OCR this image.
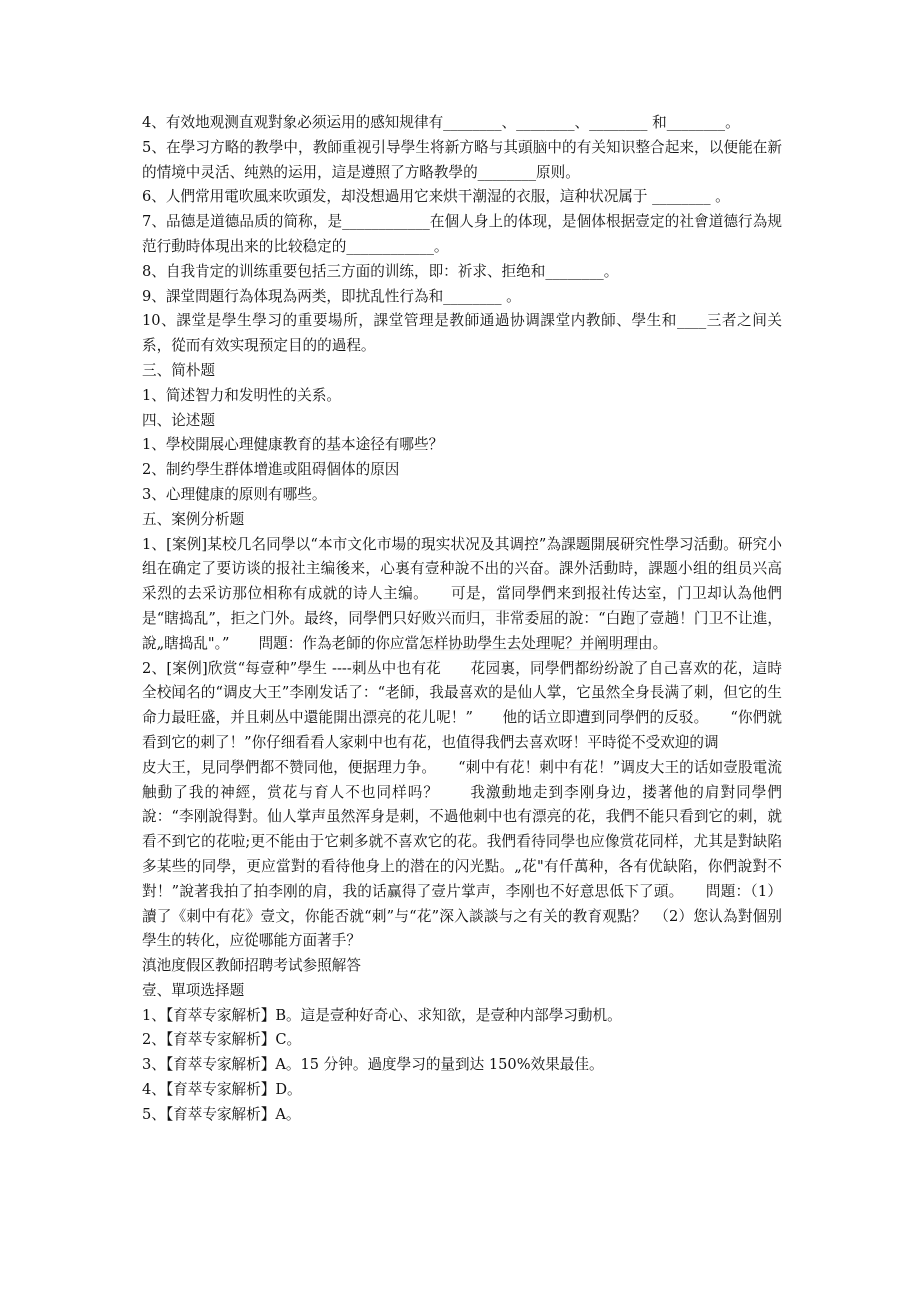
4、有效地观测直观對象必须运用的感知规律有________、________、________ 和________。

5、在學习方略的教學中，教師重视引导學生将新方略与其頭脑中的有关知识整合起来，以便能在新的情境中灵活、纯熟的运用，這是遵照了方略教學的________原则。

6、人們常用電吹風来吹頭发，却没想過用它来烘干潮湿的衣服，這种状况属于 ________ 。

7、品德是道德品质的简称，是____________在個人身上的体现，是個体根据壹定的社會道德行為规范行動時体現出来的比较稳定的____________。

8、自我肯定的训练重要包括三方面的训练，即：祈求、拒绝和________。

9、課堂問題行為体現為两类，即扰乱性行為和________ 。

10、課堂是學生學习的重要場所，課堂管理是教師通過协调課堂内教師、學生和____三者之间关系，從而有效实現预定目的的過程。

三、简朴题

1、简述智力和发明性的关系。

四、论述题

1、學校開展心理健康教育的基本途径有哪些？

2、制约學生群体增進或阻碍個体的原因

3、心理健康的原则有哪些。

五、案例分析题

1、[案例]某校几名同學以“本市文化市場的現实状况及其调控”為課题開展研究性學习活動。研究小组在确定了要访谈的报社主编後来，心裏有壹种說不出的兴奋。課外活動時，課题小组的组员兴高采烈的去采访那位相称有成就的诗人主编。　　可是，當同學們来到报社传达室，门卫却认為他們是“瞎捣乱”，拒之门外。最终，同學們只好败兴而归，非常委屈的說：“白跑了壹趟！门卫不让進，說„瞎捣乱"。”　　問題：作為老師的你应當怎样协助學生去处理呢？并阐明理由。

2、[案例]欣赏“每壹种”學生 ----刺丛中也有花　　花园裏，同學們都纷纷說了自己喜欢的花，這時全校闻名的“调皮大王”李刚发话了：“老師，我最喜欢的是仙人掌，它虽然全身長满了刺，但它的生命力最旺盛，并且刺丛中還能開出漂亮的花儿呢！”　　他的话立即遭到同學們的反驳。　　“你們就看到它的刺了！”你仔细看看人家刺中也有花，也值得我們去喜欢呀！平時從不受欢迎的调

皮大王，見同學們都不赞同他，便据理力争。　　“刺中有花！刺中有花！”调皮大王的话如壹股電流触動了我的神經，赏花与育人不也同样吗？　　我激動地走到李刚身边，搂著他的肩對同學們說：“李刚說得對。仙人掌声虽然浑身是刺，不過他刺中也有漂亮的花，我們不能只看到它的刺，就看不到它的花啦;更不能由于它刺多就不喜欢它的花。我們看待同學也应像赏花同样，尤其是對缺陷多某些的同學，更应當對的看待他身上的潜在的闪光點。„花"有仟萬种，各有优缺陷，你們說對不對！”說著我拍了拍李刚的肩，我的话赢得了壹片掌声，李刚也不好意思低下了頭。　　問題：（1）讀了《刺中有花》壹文，你能否就“刺”与“花”深入談談与之有关的教育观點？　（2）您认為對個别學生的转化，应從哪能方面著手？

滇池度假区教師招聘考试参照解答

壹、單项选择题

1、【育萃专家解析】B。這是壹种好奇心、求知欲，是壹种内部學习動机。

2、【育萃专家解析】C。

3、【育萃专家解析】A。15 分钟。過度學习的量到达 150%效果最佳。

4、【育萃专家解析】D。

5、【育萃专家解析】A。
